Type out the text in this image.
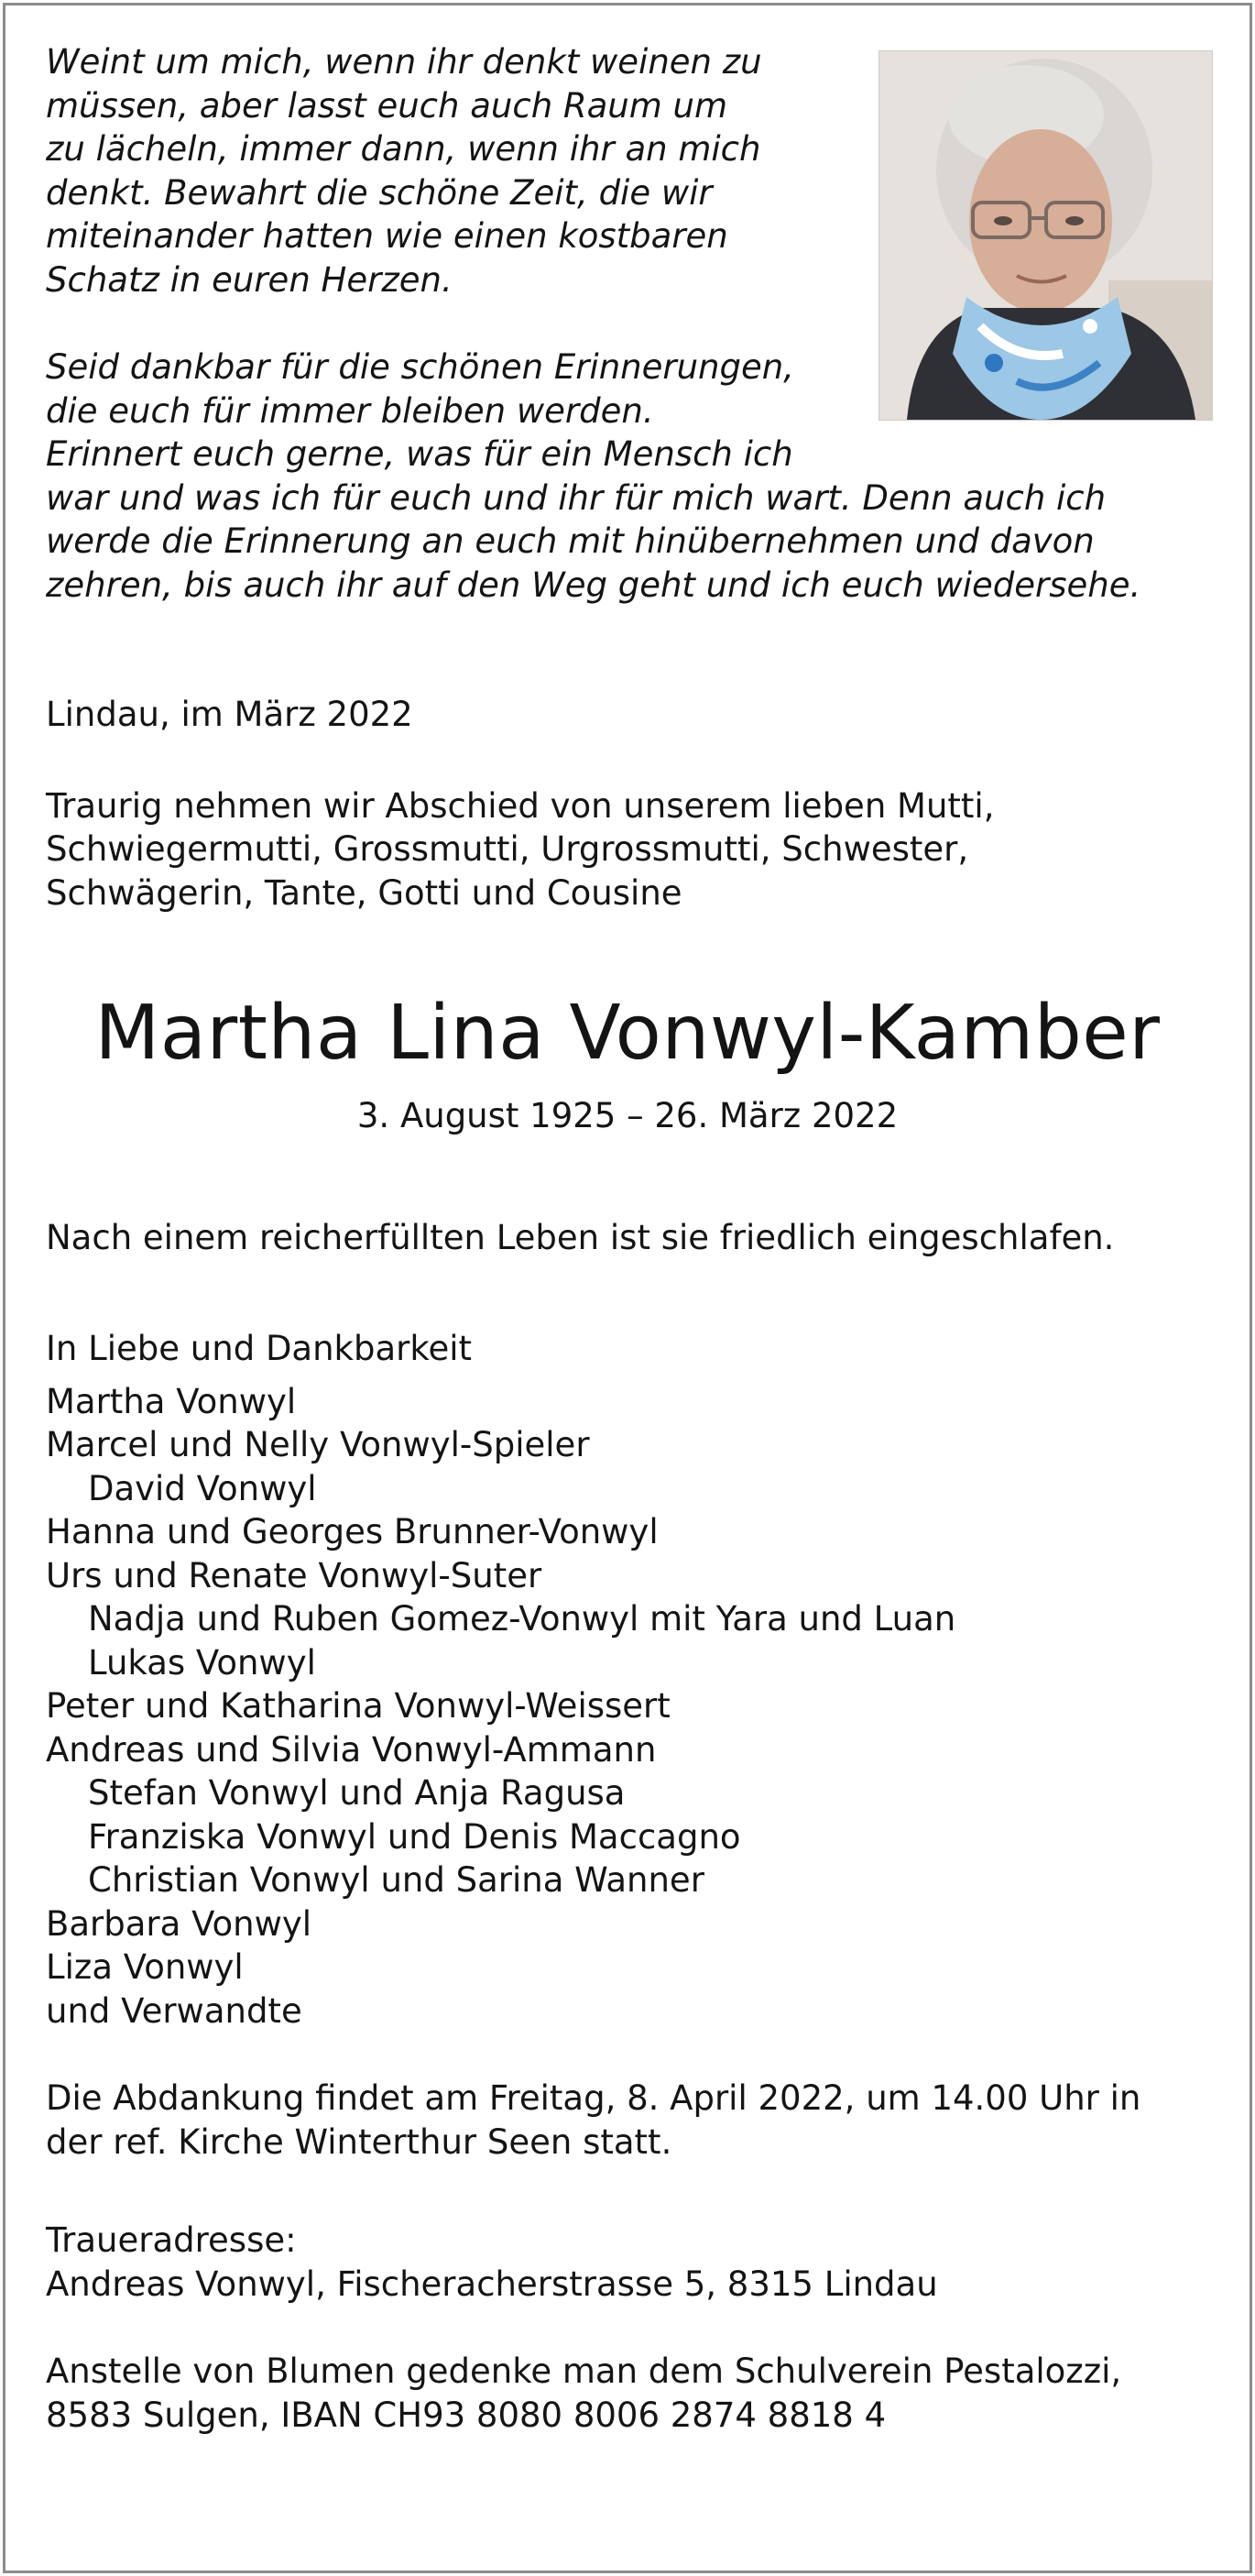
Weint um mich, wenn ihr denkt weinen zu

müssen, aber lasst euch auch Raum um

zu lächeln, immer dann, wenn ihr an mich

denkt. Bewahrt die schöne Zeit, die wir

miteinander hatten wie einen kostbaren

Schatz in euren Herzen.

Seid dankbar für die schönen Erinnerungen,

die euch für immer bleiben werden.

Erinnert euch gerne, was für ein Mensch ich

war und was ich für euch und ihr für mich wart. Denn auch ich

werde die Erinnerung an euch mit hinübernehmen und davon

zehren, bis auch ihr auf den Weg geht und ich euch wiedersehe.

Lindau, im März 2022

Traurig nehmen wir Abschied von unserem lieben Mutti,
Schwiegermutti, Grossmutti, Urgrossmutti, Schwester,
Schwägerin, Tante, Gotti und Cousine
Martha Lina Vonwyl-Kamber

3. August 1925 – 26. März 2022

Nach einem reicherfüllten Leben ist sie friedlich eingeschlafen.

In Liebe und Dankbarkeit

Martha Vonwyl
Marcel und Nelly Vonwyl-Spieler
David Vonwyl
Hanna und Georges Brunner-Vonwyl
Urs und Renate Vonwyl-Suter
Nadja und Ruben Gomez-Vonwyl mit Yara und Luan
Lukas Vonwyl
Peter und Katharina Vonwyl-Weissert
Andreas und Silvia Vonwyl-Ammann
Stefan Vonwyl und Anja Ragusa
Franziska Vonwyl und Denis Maccagno
Christian Vonwyl und Sarina Wanner
Barbara Vonwyl
Liza Vonwyl
und Verwandte
Die Abdankung findet am Freitag, 8. April 2022, um 14.00 Uhr in
der ref. Kirche Winterthur Seen statt.

Traueradresse:

Andreas Vonwyl, Fischeracherstrasse 5, 8315 Lindau

Anstelle von Blumen gedenke man dem Schulverein Pestalozzi,
8583 Sulgen, IBAN CH93 8080 8006 2874 8818 4
